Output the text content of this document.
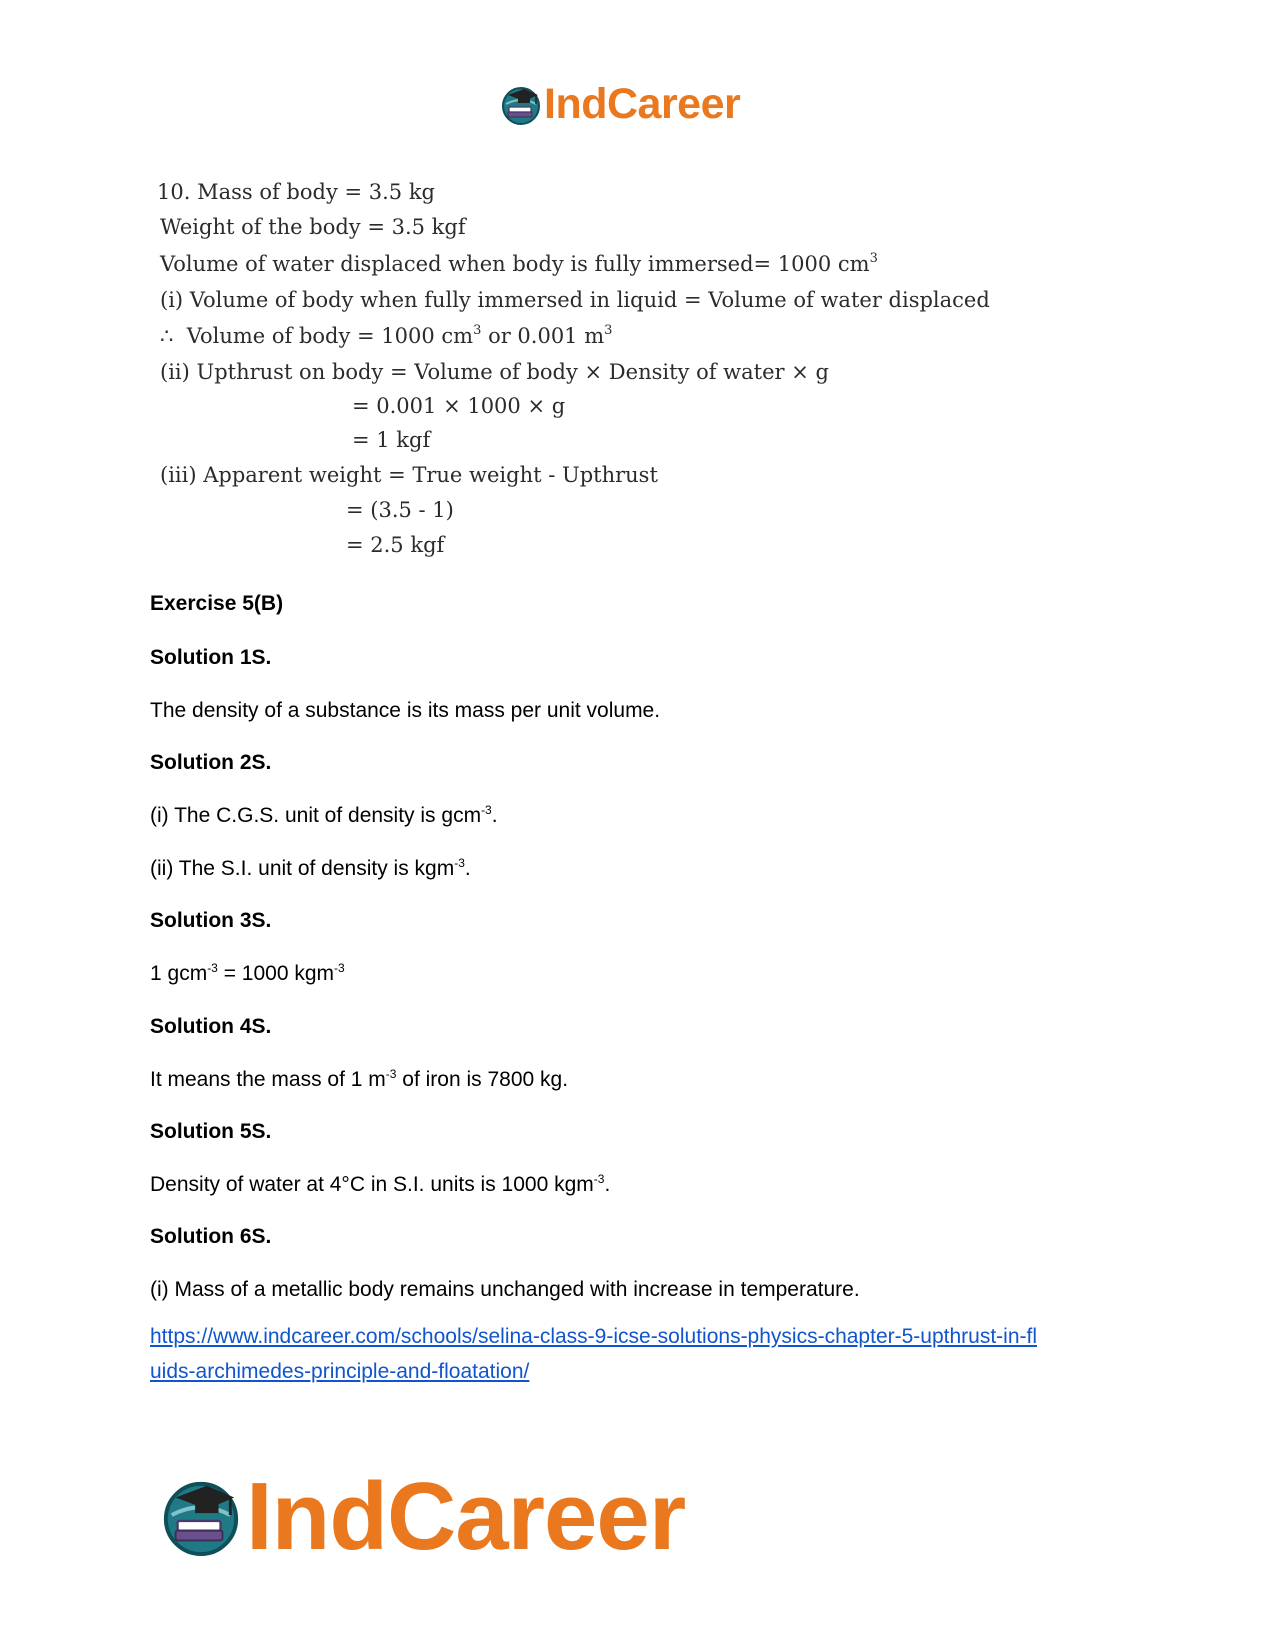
IndCareer
10. Mass of body = 3.5 kg
Weight of the body = 3.5 kgf
Volume of water displaced when body is fully immersed= 1000 $cm^3$
(i) Volume of body when fully immersed in liquid = Volume of water displaced
∴ Volume of body = 1000 $cm^3$ or 0.001 $m^3$
(ii) Upthrust on body = Volume of body × Density of water × g
= 0.001 × 1000 × g
= 1 kgf
(iii) Apparent weight = True weight - Upthrust
= (3.5 - 1)
= 2.5 kgf
Exercise 5(B)
Solution 1S.
The density of a substance is its mass per unit volume.
Solution 2S.
(i) The C.G.S. unit of density is gcm$^{-3}$.
(ii) The S.I. unit of density is kgm$^{-3}$.
Solution 3S.
1 gcm$^{-3}$ = 1000 kgm$^{-3}$
Solution 4S.
It means the mass of 1 $m^{-3}$ of iron is 7800 kg.
Solution 5S.
Density of water at 4°C in S.I. units is 1000 kgm$^{-3}$.
Solution 6S.
(i) Mass of a metallic body remains unchanged with increase in temperature.
https://www.indcareer.com/schools/selina-class-9-icse-solutions-physics-chapter-5-upthrust-in-fl
uids-archimedes-principle-and-floatation/
IndCareer
